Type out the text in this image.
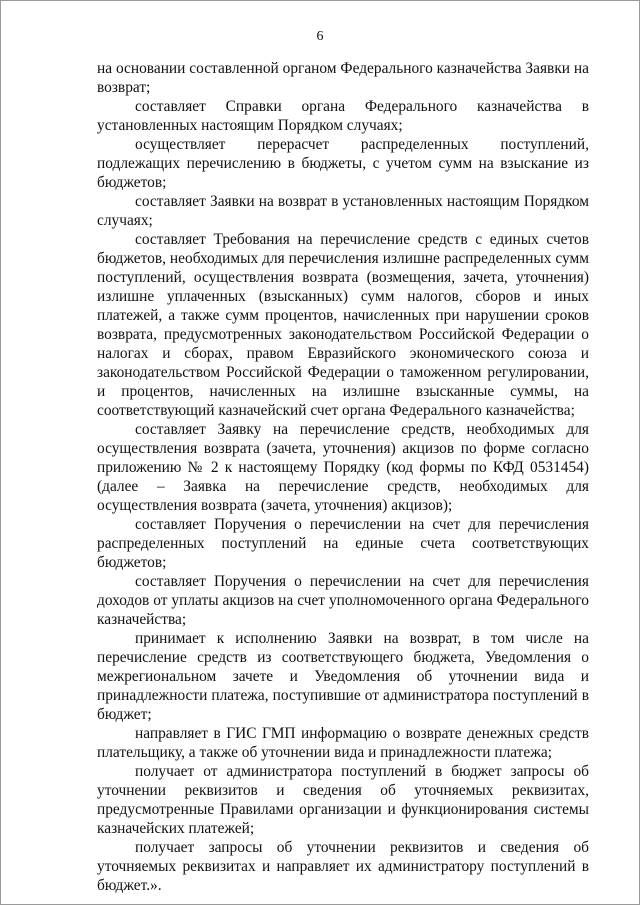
6

на основании составленной органом Федерального казначейства Заявки на возврат;

составляет Справки органа Федерального казначейства в установленных настоящим Порядком случаях;

осуществляет перерасчет распределенных поступлений, подлежащих перечислению в бюджеты, с учетом сумм на взыскание из бюджетов;

составляет Заявки на возврат в установленных настоящим Порядком случаях;

составляет Требования на перечисление средств с единых счетов бюджетов, необходимых для перечисления излишне распределенных сумм поступлений, осуществления возврата (возмещения, зачета, уточнения) излишне уплаченных (взысканных) сумм налогов, сборов и иных платежей, а также сумм процентов, начисленных при нарушении сроков возврата, предусмотренных законодательством Российской Федерации о налогах и сборах, правом Евразийского экономического союза и законодательством Российской Федерации о таможенном регулировании, и процентов, начисленных на излишне взысканные суммы, на соответствующий казначейский счет органа Федерального казначейства;

составляет Заявку на перечисление средств, необходимых для осуществления возврата (зачета, уточнения) акцизов по форме согласно приложению № 2 к настоящему Порядку (код формы по КФД 0531454) (далее – Заявка на перечисление средств, необходимых для осуществления возврата (зачета, уточнения) акцизов);

составляет Поручения о перечислении на счет для перечисления распределенных поступлений на единые счета соответствующих бюджетов;

составляет Поручения о перечислении на счет для перечисления доходов от уплаты акцизов на счет уполномоченного органа Федерального казначейства;

принимает к исполнению Заявки на возврат, в том числе на перечисление средств из соответствующего бюджета, Уведомления о межрегиональном зачете и Уведомления об уточнении вида и принадлежности платежа, поступившие от администратора поступлений в бюджет;

направляет в ГИС ГМП информацию о возврате денежных средств плательщику, а также об уточнении вида и принадлежности платежа;

получает от администратора поступлений в бюджет запросы об уточнении реквизитов и сведения об уточняемых реквизитах, предусмотренные Правилами организации и функционирования системы казначейских платежей;

получает запросы об уточнении реквизитов и сведения об уточняемых реквизитах и направляет их администратору поступлений в бюджет.».
